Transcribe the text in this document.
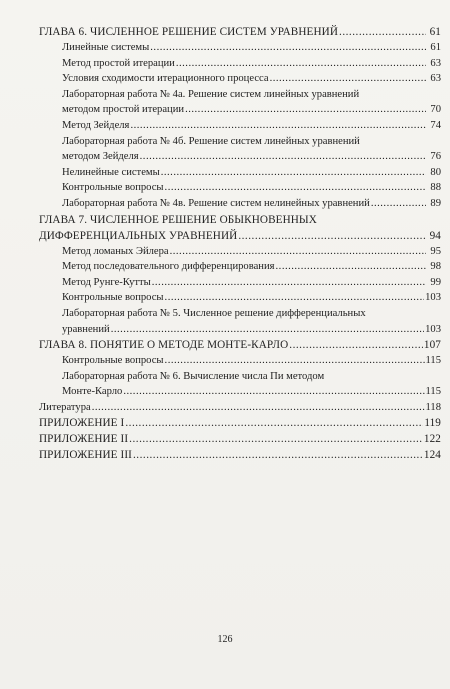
ГЛАВА 6. ЧИСЛЕННОЕ РЕШЕНИЕ СИСТЕМ УРАВНЕНИЙ .....	61
Линейные системы .....	61
Метод простой итерации .....	63
Условия сходимости итерационного процесса .....	63
Лабораторная работа № 4а. Решение систем линейных уравнений
методом простой итерации .....	70
Метод Зейделя .....	74
Лабораторная работа № 4б. Решение систем линейных уравнений
методом Зейделя .....	76
Нелинейные системы .....	80
Контрольные вопросы .....	88
Лабораторная работа № 4в. Решение систем нелинейных уравнений .....	89
ГЛАВА 7. ЧИСЛЕННОЕ РЕШЕНИЕ ОБЫКНОВЕННЫХ
ДИФФЕРЕНЦИАЛЬНЫХ УРАВНЕНИЙ .....	94
Метод ломаных Эйлера .....	95
Метод последовательного дифференцирования .....	98
Метод Рунге-Кутты .....	99
Контрольные вопросы .....	103
Лабораторная работа № 5. Численное решение дифференциальных
уравнений .....	103
ГЛАВА 8. ПОНЯТИЕ О МЕТОДЕ МОНТЕ-КАРЛО .....	107
Контрольные вопросы .....	115
Лабораторная работа № 6. Вычисление числа Пи методом
Монте-Карло .....	115
Литература .....	118
ПРИЛОЖЕНИЕ I .....	119
ПРИЛОЖЕНИЕ II .....	122
ПРИЛОЖЕНИЕ III .....	124
126
